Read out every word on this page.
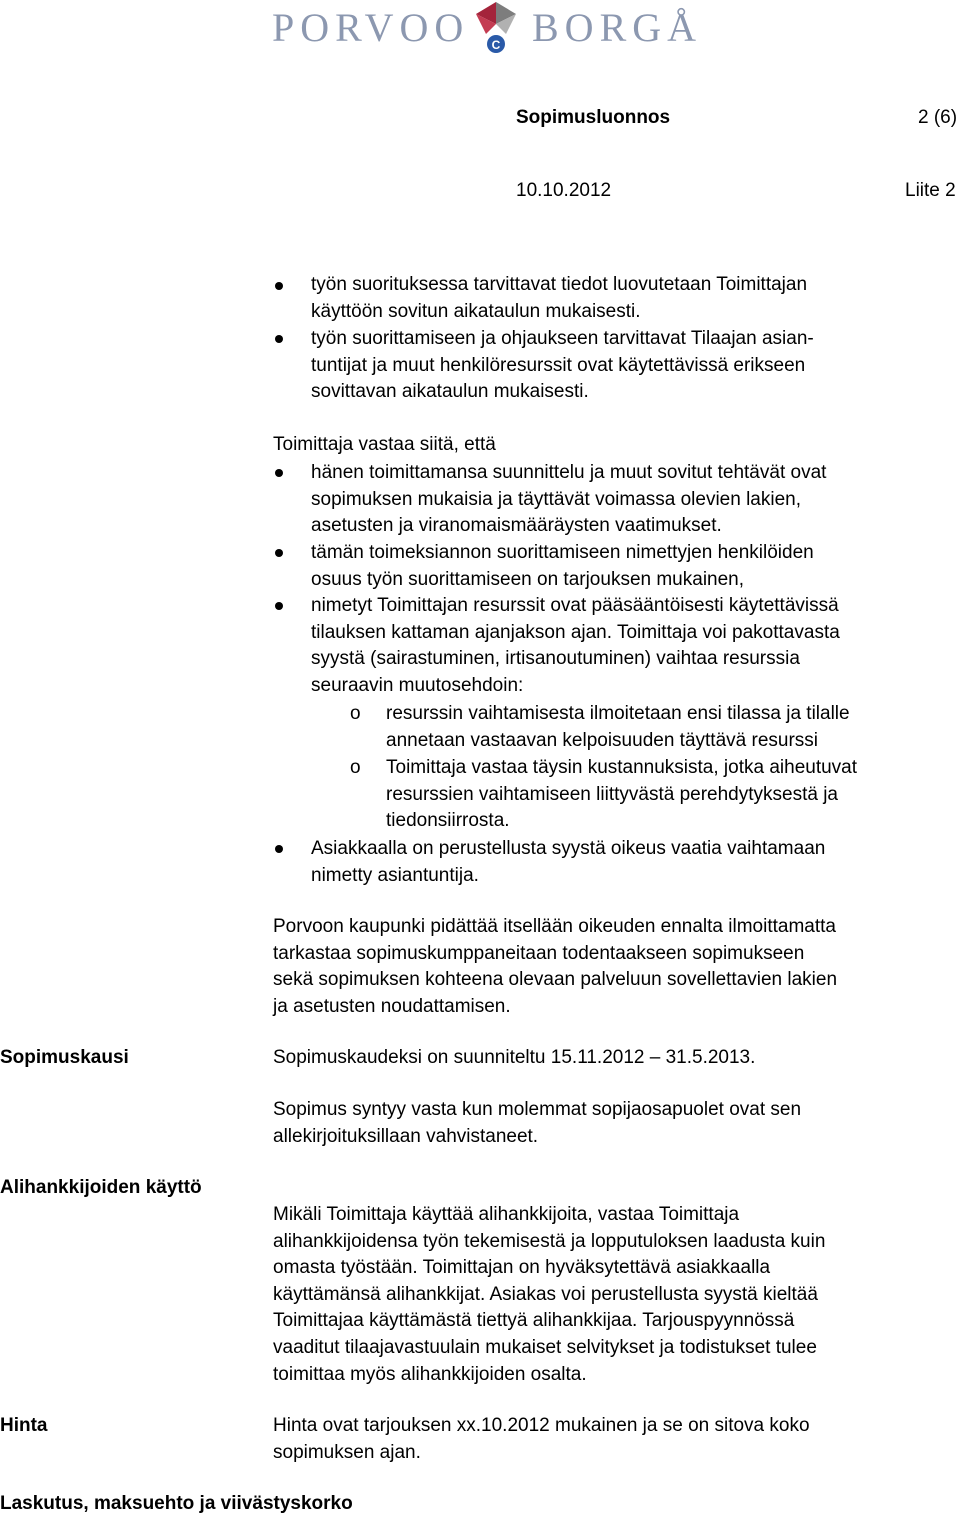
PORVOO C BORGÅ
Sopimusluonnos	2 (6)
10.10.2012	Liite 2
työn suorituksessa tarvittavat tiedot luovutetaan Toimittajan
käyttöön sovitun aikataulun mukaisesti.
työn suorittamiseen ja ohjaukseen tarvittavat Tilaajan asian-
tuntijat ja muut henkilöresurssit ovat käytettävissä erikseen
sovittavan aikataulun mukaisesti.
Toimittaja vastaa siitä, että
hänen toimittamansa suunnittelu ja muut sovitut tehtävät ovat
sopimuksen mukaisia ja täyttävät voimassa olevien lakien,
asetusten ja viranomaismääräysten vaatimukset.
tämän toimeksiannon suorittamiseen nimettyjen henkilöiden
osuus työn suorittamiseen on tarjouksen mukainen,
nimetyt Toimittajan resurssit ovat pääsääntöisesti käytettävissä
tilauksen kattaman ajanjakson ajan. Toimittaja voi pakottavasta
syystä (sairastuminen, irtisanoutuminen) vaihtaa resurssia
seuraavin muutosehdoin:
o resurssin vaihtamisesta ilmoitetaan ensi tilassa ja tilalle
annetaan vastaavan kelpoisuuden täyttävä resurssi
o Toimittaja vastaa täysin kustannuksista, jotka aiheutuvat
resurssien vaihtamiseen liittyvästä perehdytyksestä ja
tiedonsiirrosta.
Asiakkaalla on perustellusta syystä oikeus vaatia vaihtamaan
nimetty asiantuntija.
Porvoon kaupunki pidättää itsellään oikeuden ennalta ilmoittamatta
tarkastaa sopimuskumppaneitaan todentaakseen sopimukseen
sekä sopimuksen kohteena olevaan palveluun sovellettavien lakien
ja asetusten noudattamisen.
Sopimuskausi	Sopimuskaudeksi on suunniteltu 15.11.2012 – 31.5.2013.
Sopimus syntyy vasta kun molemmat sopijaosapuolet ovat sen
allekirjoituksillaan vahvistaneet.
Alihankkijoiden käyttö
Mikäli Toimittaja käyttää alihankkijoita, vastaa Toimittaja
alihankkijoidensa työn tekemisestä ja lopputuloksen laadusta kuin
omasta työstään. Toimittajan on hyväksytettävä asiakkaalla
käyttämänsä alihankkijat. Asiakas voi perustellusta syystä kieltää
Toimittajaa käyttämästä tiettyä alihankkijaa. Tarjouspyynnössä
vaaditut tilaajavastuulain mukaiset selvitykset ja todistukset tulee
toimittaa myös alihankkijoiden osalta.
Hinta	Hinta ovat tarjouksen xx.10.2012 mukainen ja se on sitova koko
sopimuksen ajan.
Laskutus, maksuehto ja viivästyskorko
